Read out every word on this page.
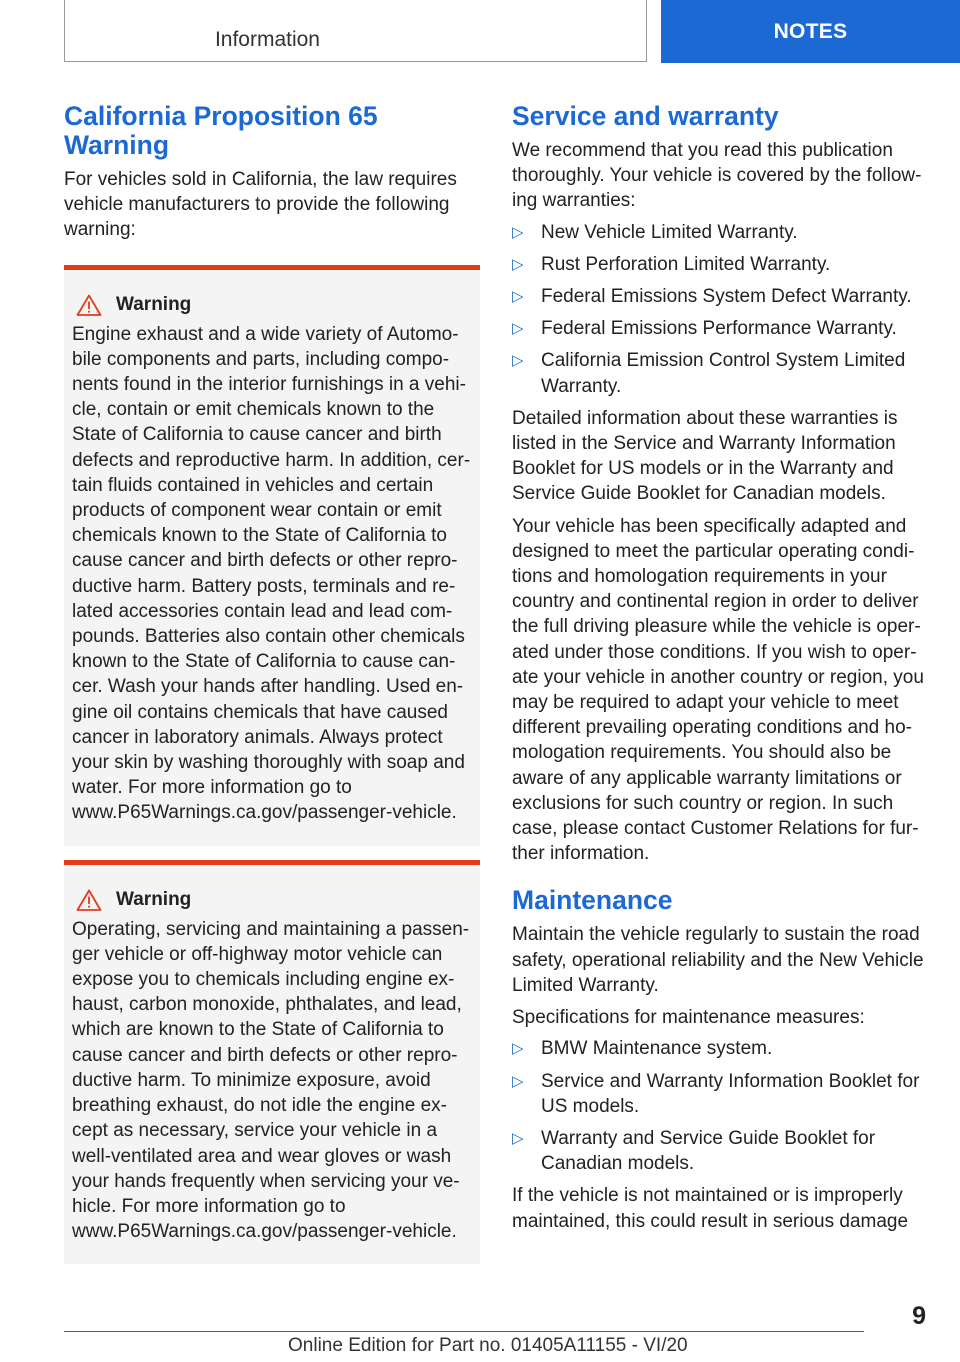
Information	NOTES
California Proposition 65 Warning

For vehicles sold in California, the law requires vehicle manufacturers to provide the following warning:

Warning
Engine exhaust and a wide variety of Automo-
bile components and parts, including compo-
nents found in the interior furnishings in a vehi-
cle, contain or emit chemicals known to the
State of California to cause cancer and birth
defects and reproductive harm. In addition, cer-
tain fluids contained in vehicles and certain
products of component wear contain or emit
chemicals known to the State of California to
cause cancer and birth defects or other repro-
ductive harm. Battery posts, terminals and re-
lated accessories contain lead and lead com-
pounds. Batteries also contain other chemicals
known to the State of California to cause can-
cer. Wash your hands after handling. Used en-
gine oil contains chemicals that have caused
cancer in laboratory animals. Always protect
your skin by washing thoroughly with soap and
water. For more information go to
www.P65Warnings.ca.gov/passenger-vehicle.
Warning
Operating, servicing and maintaining a passen-
ger vehicle or off-highway motor vehicle can
expose you to chemicals including engine ex-
haust, carbon monoxide, phthalates, and lead,
which are known to the State of California to
cause cancer and birth defects or other repro-
ductive harm. To minimize exposure, avoid
breathing exhaust, do not idle the engine ex-
cept as necessary, service your vehicle in a
well-ventilated area and wear gloves or wash
your hands frequently when servicing your ve-
hicle. For more information go to
www.P65Warnings.ca.gov/passenger-vehicle.
Service and warranty

We recommend that you read this publication thoroughly. Your vehicle is covered by the follow-ing warranties:

▷ New Vehicle Limited Warranty.
▷ Rust Perforation Limited Warranty.
▷ Federal Emissions System Defect Warranty.
▷ Federal Emissions Performance Warranty.
▷ California Emission Control System Limited Warranty.

Detailed information about these warranties is listed in the Service and Warranty Information Booklet for US models or in the Warranty and Service Guide Booklet for Canadian models.

Your vehicle has been specifically adapted and designed to meet the particular operating condi-tions and homologation requirements in your country and continental region in order to deliver the full driving pleasure while the vehicle is oper-ated under those conditions. If you wish to oper-ate your vehicle in another country or region, you may be required to adapt your vehicle to meet different prevailing operating conditions and ho-mologation requirements. You should also be aware of any applicable warranty limitations or exclusions for such country or region. In such case, please contact Customer Relations for fur-ther information.

Maintenance

Maintain the vehicle regularly to sustain the road safety, operational reliability and the New Vehicle Limited Warranty.

Specifications for maintenance measures:

▷ BMW Maintenance system.
▷ Service and Warranty Information Booklet for US models.
▷ Warranty and Service Guide Booklet for Canadian models.

If the vehicle is not maintained or is improperly maintained, this could result in serious damage

9
Online Edition for Part no. 01405A11155 - VI/20
